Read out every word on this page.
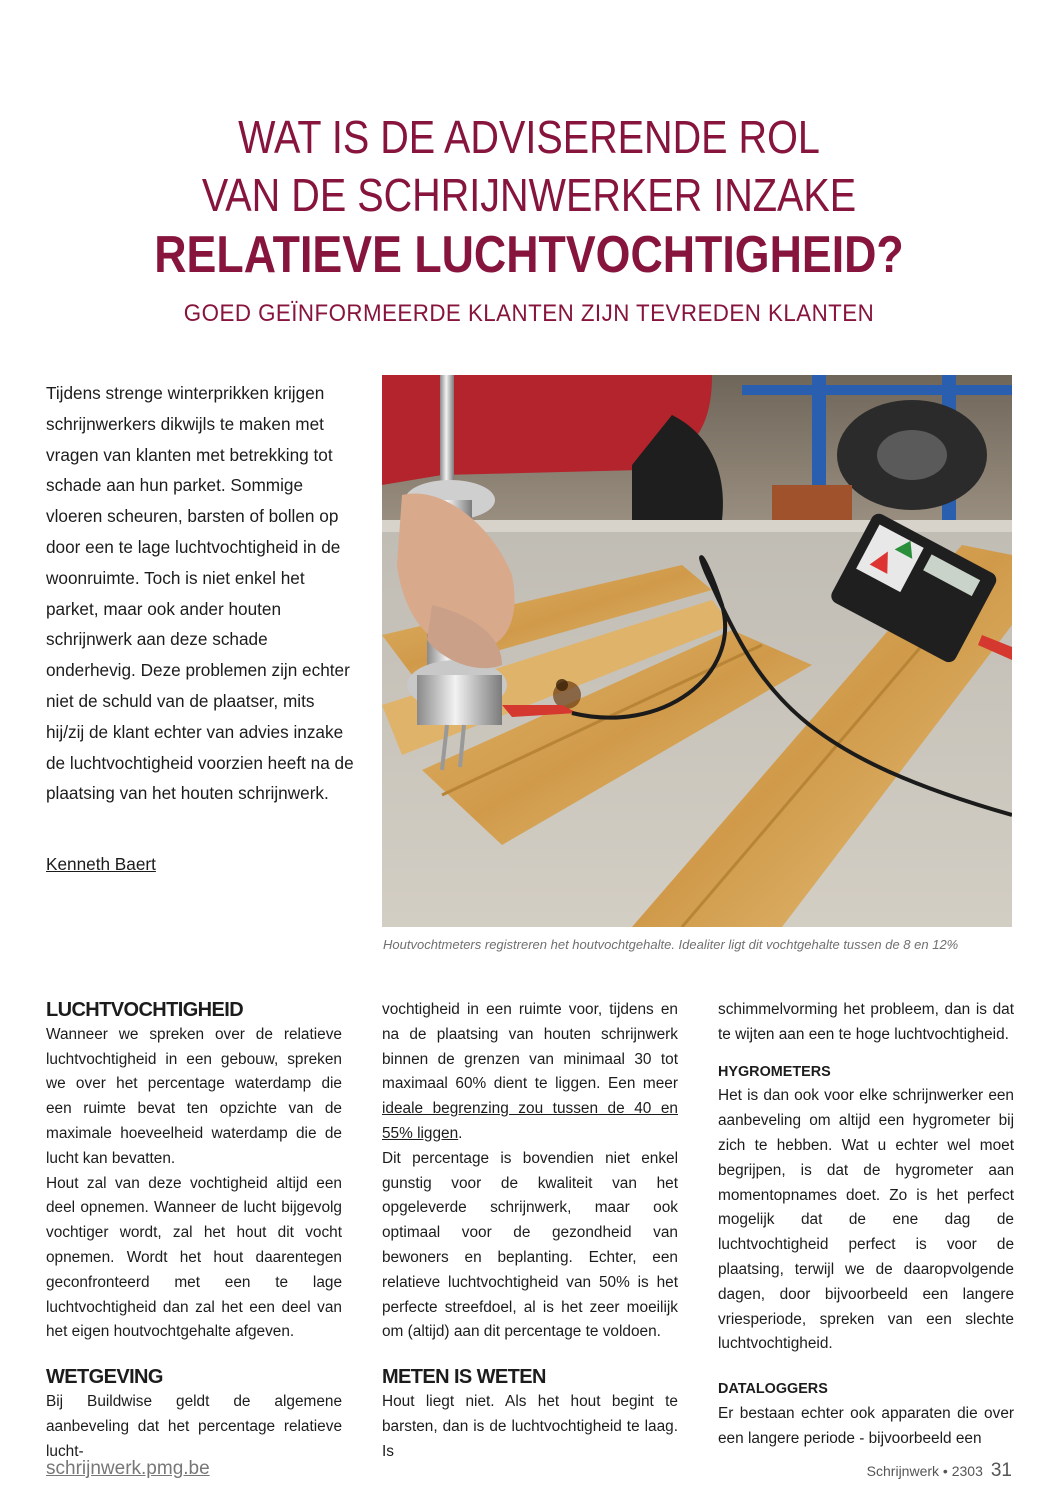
WAT IS DE ADVISERENDE ROL
VAN DE SCHRIJNWERKER INZAKE
RELATIEVE LUCHTVOCHTIGHEID?
GOED GEÏNFORMEERDE KLANTEN ZIJN TEVREDEN KLANTEN

Tijdens strenge winterprikken krijgen schrijnwerkers dikwijls te maken met vragen van klanten met betrekking tot schade aan hun parket. Sommige vloeren scheuren, barsten of bollen op door een te lage luchtvochtigheid in de woonruimte. Toch is niet enkel het parket, maar ook ander houten schrijnwerk aan deze schade onderhevig. Deze problemen zijn echter niet de schuld van de plaatser, mits hij/zij de klant echter van advies inzake de luchtvochtigheid voorzien heeft na de plaatsing van het houten schrijnwerk.

Kenneth Baert
Houtvochtmeters registreren het houtvochtgehalte. Idealiter ligt dit vochtgehalte tussen de 8 en 12%
LUCHTVOCHTIGHEID

Wanneer we spreken over de relatieve luchtvochtigheid in een gebouw, spreken we over het percentage waterdamp die een ruimte bevat ten opzichte van de maximale hoeveelheid waterdamp die de lucht kan bevatten.

Hout zal van deze vochtigheid altijd een deel opnemen. Wanneer de lucht bijgevolg vochtiger wordt, zal het hout dit vocht opnemen. Wordt het hout daarentegen geconfronteerd met een te lage luchtvochtigheid dan zal het een deel van het eigen houtvochtgehalte afgeven.

WETGEVING

Bij Buildwise geldt de algemene aanbeveling dat het percentage relatieve lucht-

vochtigheid in een ruimte voor, tijdens en na de plaatsing van houten schrijnwerk binnen de grenzen van minimaal 30 tot maximaal 60% dient te liggen. Een meer ideale begrenzing zou tussen de 40 en 55% liggen.

Dit percentage is bovendien niet enkel gunstig voor de kwaliteit van het opgeleverde schrijnwerk, maar ook optimaal voor de gezondheid van bewoners en beplanting. Echter, een relatieve luchtvochtigheid van 50% is het perfecte streefdoel, al is het zeer moeilijk om (altijd) aan dit percentage te voldoen.

METEN IS WETEN

Hout liegt niet. Als het hout begint te barsten, dan is de luchtvochtigheid te laag. Is

schimmelvorming het probleem, dan is dat te wijten aan een te hoge luchtvochtigheid.

HYGROMETERS

Het is dan ook voor elke schrijnwerker een aanbeveling om altijd een hygrometer bij zich te hebben. Wat u echter wel moet begrijpen, is dat de hygrometer aan momentopnames doet. Zo is het perfect mogelijk dat de ene dag de luchtvochtigheid perfect is voor de plaatsing, terwijl we de daaropvolgende dagen, door bijvoorbeeld een langere vriesperiode, spreken van een slechte luchtvochtigheid.

DATALOGGERS

Er bestaan echter ook apparaten die over een langere periode - bijvoorbeeld een

schrijnwerk.pmg.be	Schrijnwerk • 2303 31
